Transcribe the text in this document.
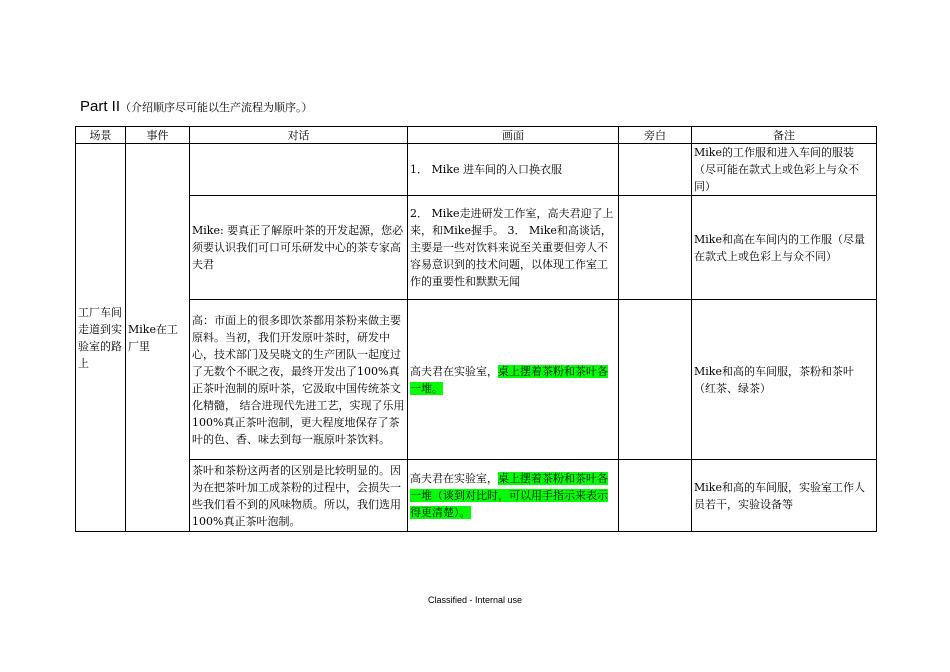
Part II（介绍顺序尽可能以生产流程为顺序。）
场景	事件	对话	画面	旁白	备注
工厂车间走道到实验室的路上	Mike在工厂里		1． Mike 进车间的入口换衣服		Mike的工作服和进入车间的服装（尽可能在款式上或色彩上与众不同）
		Mike: 要真正了解原叶茶的开发起源，您必须要认识我们可口可乐研发中心的茶专家高夫君	2． Mike走进研发工作室，高夫君迎了上来，和Mike握手。 3． Mike和高谈话，主要是一些对饮料来说至关重要但旁人不容易意识到的技术问题，以体现工作室工作的重要性和默默无闻		Mike和高在车间内的工作服（尽量在款式上或色彩上与众不同）
		高：市面上的很多即饮茶都用茶粉来做主要原料。当初，我们开发原叶茶时，研发中心，技术部门及吴晓文的生产团队一起度过了无数个不眠之夜，最终开发出了100%真正茶叶泡制的原叶茶，它汲取中国传统茶文化精髓， 结合进现代先进工艺，实现了乐用100%真正茶叶泡制，更大程度地保存了茶叶的色、香、味去到每一瓶原叶茶饮料。	高夫君在实验室，桌上摆着茶粉和茶叶各一堆。		Mike和高的车间服，茶粉和茶叶（红茶、绿茶）
		茶叶和茶粉这两者的区别是比较明显的。因为在把茶叶加工成茶粉的过程中，会损失一些我们看不到的风味物质。所以，我们选用100%真正茶叶泡制。	高夫君在实验室，桌上摆着茶粉和茶叶各一堆（谈到对比时，可以用手指示来表示得更清楚）。		Mike和高的车间服，实验室工作人员若干，实验设备等
Classified - Internal use
